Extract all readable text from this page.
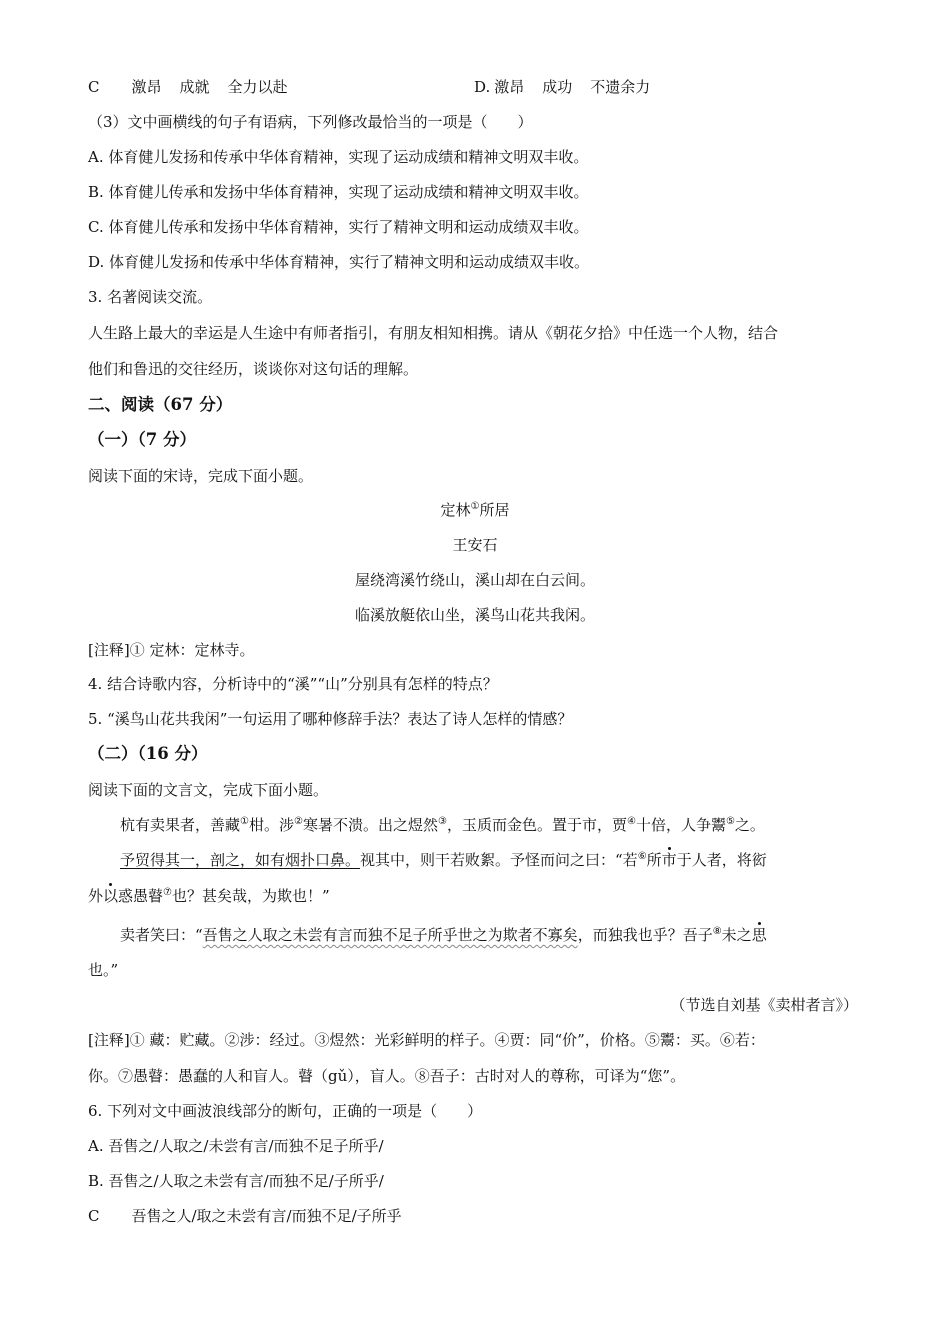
C 激昂 成就 全力以赴	D. 激昂 成功 不遗余力
（3）文中画横线的句子有语病，下列修改最恰当的一项是（　　）
A. 体育健儿发扬和传承中华体育精神，实现了运动成绩和精神文明双丰收。
B. 体育健儿传承和发扬中华体育精神，实现了运动成绩和精神文明双丰收。
C. 体育健儿传承和发扬中华体育精神，实行了精神文明和运动成绩双丰收。
D. 体育健儿发扬和传承中华体育精神，实行了精神文明和运动成绩双丰收。
3. 名著阅读交流。
人生路上最大的幸运是人生途中有师者指引，有朋友相知相携。请从《朝花夕拾》中任选一个人物，结合
他们和鲁迅的交往经历，谈谈你对这句话的理解。
二、阅读（67 分）
（一）（7 分）
阅读下面的宋诗，完成下面小题。
定林①所居
王安石
屋绕湾溪竹绕山，溪山却在白云间。
临溪放艇依山坐，溪鸟山花共我闲。
[注释]① 定林：定林寺。
4. 结合诗歌内容，分析诗中的“溪”“山”分别具有怎样的特点？
5. “溪鸟山花共我闲”一句运用了哪种修辞手法？表达了诗人怎样的情感？
（二）（16 分）
阅读下面的文言文，完成下面小题。
杭有卖果者，善藏①柑。涉②寒暑不溃。出之煜然③，玉质而金色。置于市，贾④十倍，人争鬻⑤之。
予贸得其一，剖之，如有烟扑口鼻。视其中，则干若败絮。予怪而问之曰：“若⑥所市于人者，将衒
外以惑愚瞽⑦也？甚矣哉，为欺也！”
卖者笑曰：“吾售之人取之未尝有言而独不足子所乎世之为欺者不寡矣，而独我也乎？吾子⑧未之思
也。”
（节选自刘基《卖柑者言》）
[注释]① 藏：贮藏。②涉：经过。③煜然：光彩鲜明的样子。④贾：同“价”，价格。⑤鬻：买。⑥若：
你。⑦愚瞽：愚蠢的人和盲人。瞽（gǔ），盲人。⑧吾子：古时对人的尊称，可译为“您”。
6. 下列对文中画波浪线部分的断句，正确的一项是（　　）
A. 吾售之/人取之/未尝有言/而独不足子所乎/
B. 吾售之/人取之未尝有言/而独不足/子所乎/
C 吾售之人/取之未尝有言/而独不足/子所乎
